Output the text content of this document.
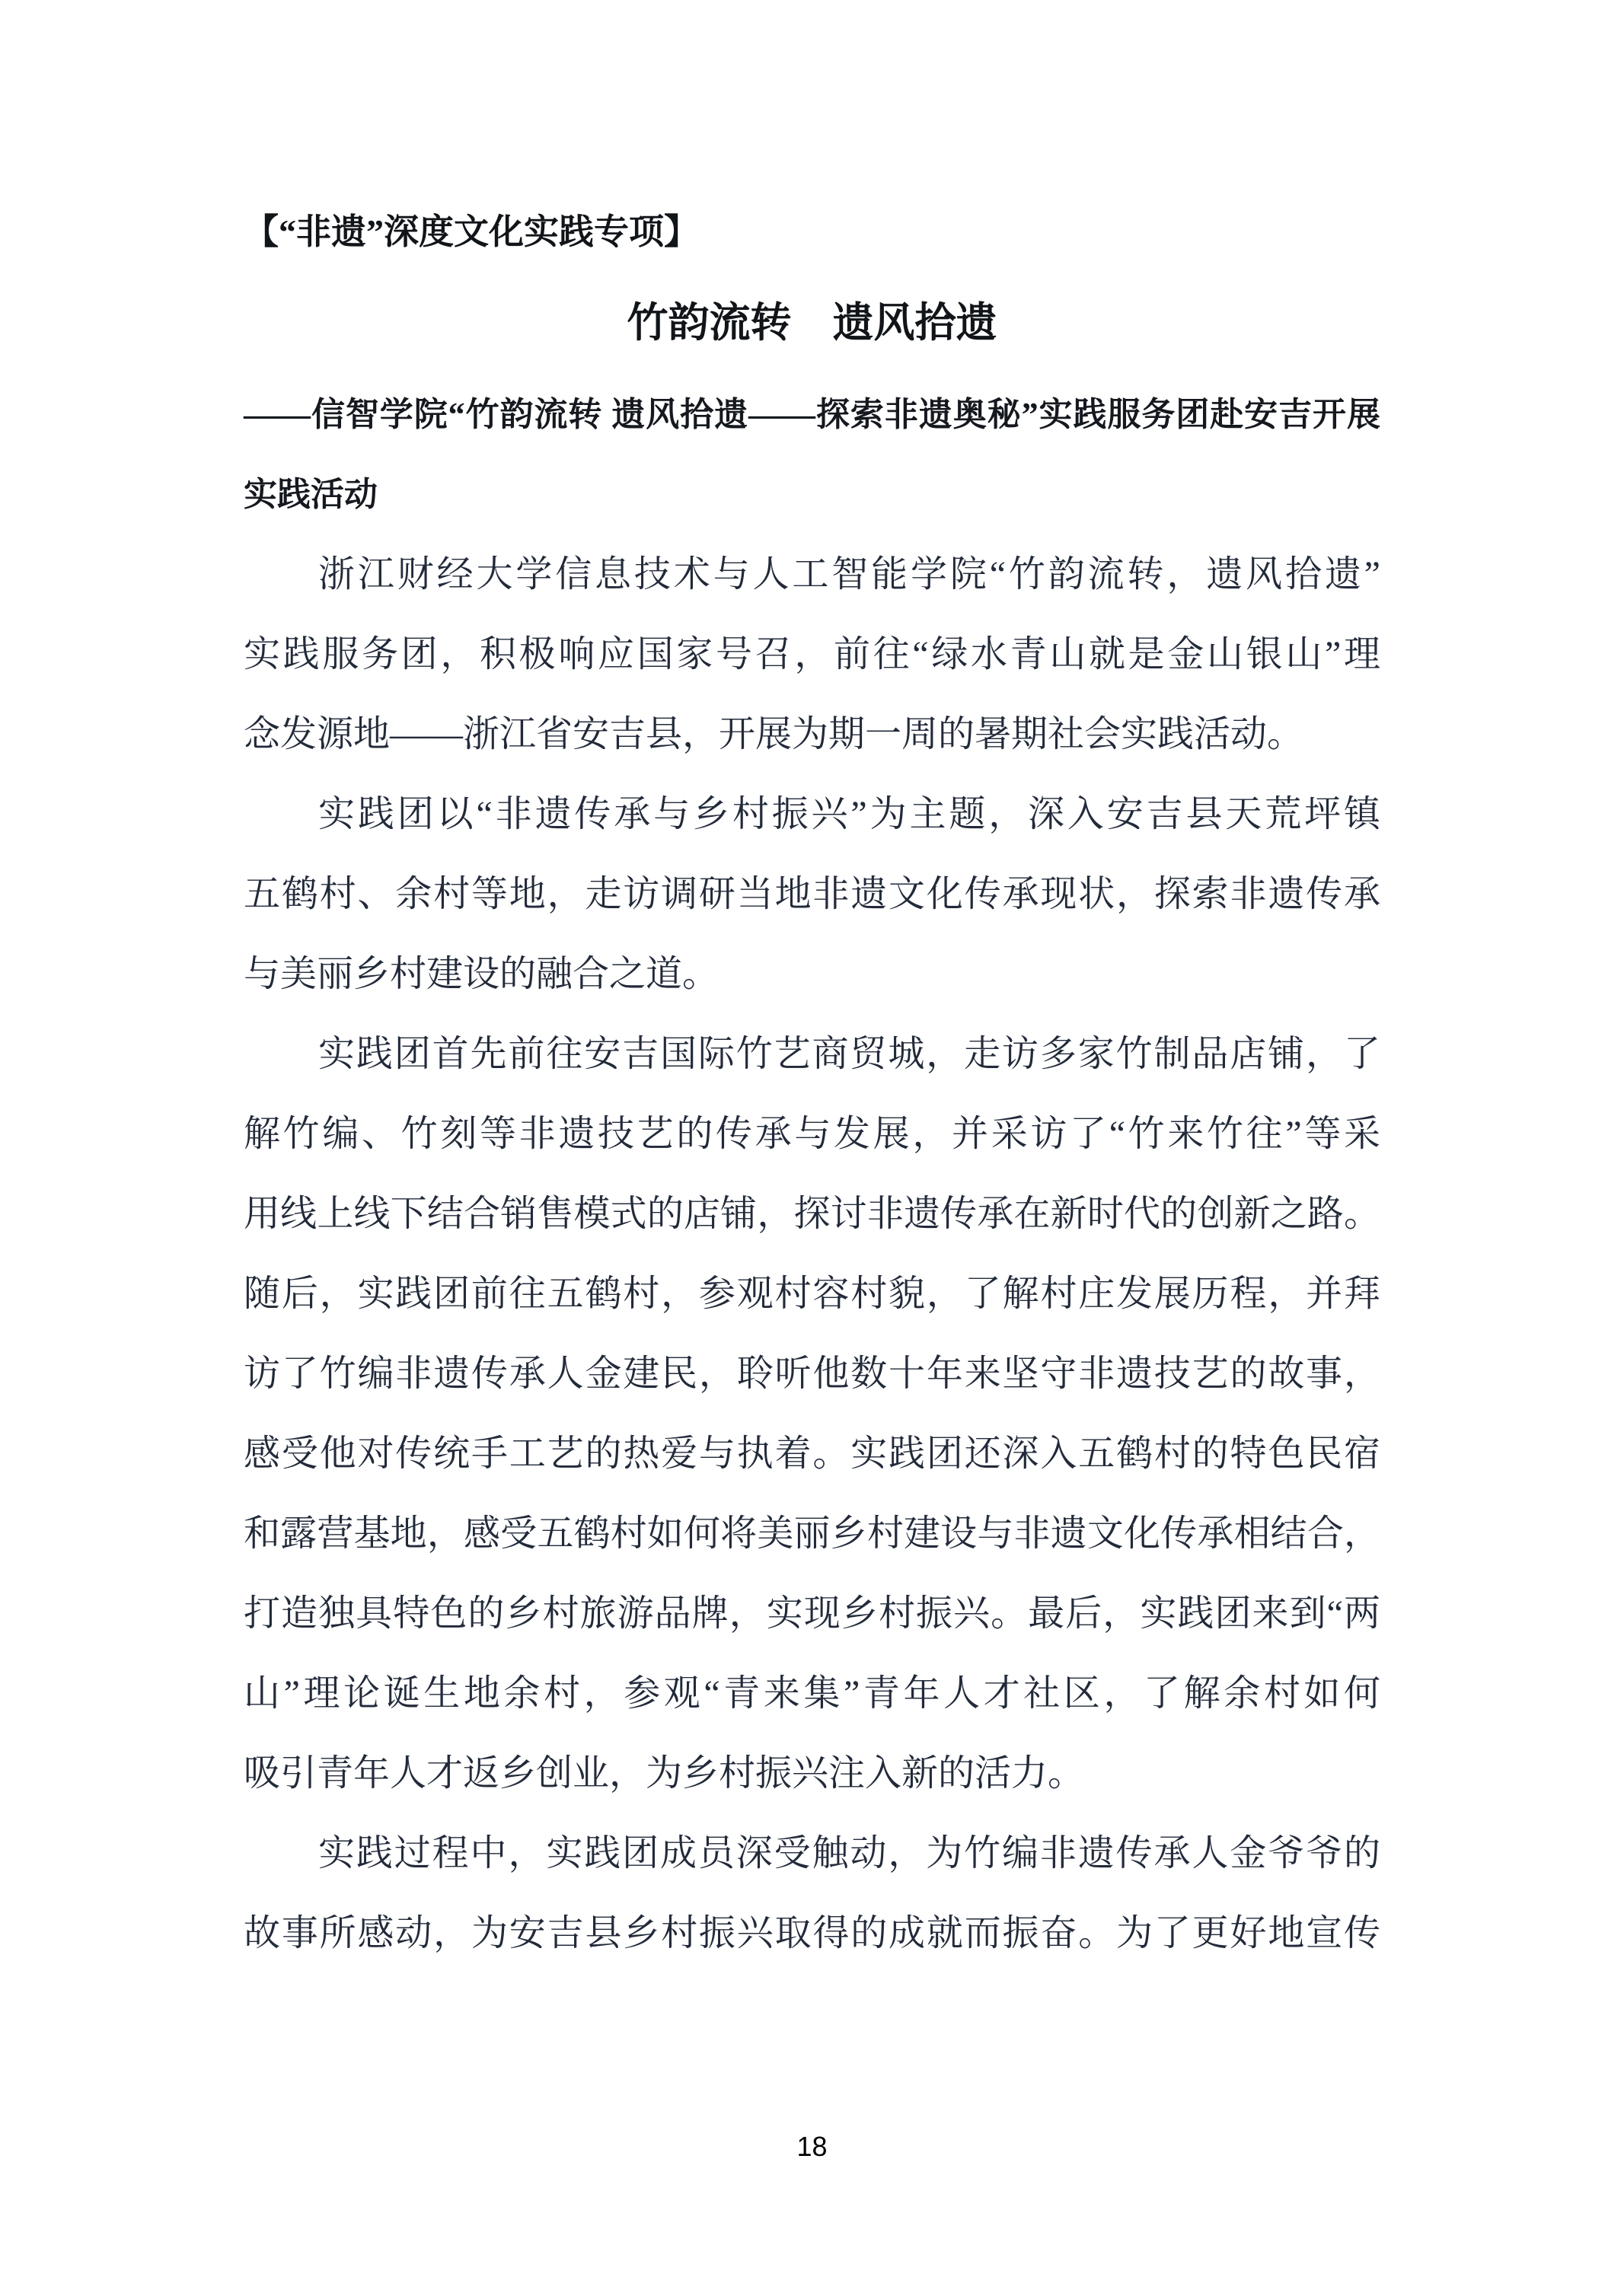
【“非遗”深度文化实践专项】
竹韵流转　遗风拾遗
——信智学院“竹韵流转 遗风拾遗——探索非遗奥秘”实践服务团赴安吉开展
实践活动
浙江财经大学信息技术与人工智能学院“竹韵流转，遗风拾遗”
实践服务团，积极响应国家号召，前往“绿水青山就是金山银山”理
念发源地——浙江省安吉县，开展为期一周的暑期社会实践活动。
实践团以“非遗传承与乡村振兴”为主题，深入安吉县天荒坪镇
五鹤村、余村等地，走访调研当地非遗文化传承现状，探索非遗传承
与美丽乡村建设的融合之道。
实践团首先前往安吉国际竹艺商贸城，走访多家竹制品店铺，了
解竹编、竹刻等非遗技艺的传承与发展，并采访了“竹来竹往”等采
用线上线下结合销售模式的店铺，探讨非遗传承在新时代的创新之路。
随后，实践团前往五鹤村，参观村容村貌，了解村庄发展历程，并拜
访了竹编非遗传承人金建民，聆听他数十年来坚守非遗技艺的故事，
感受他对传统手工艺的热爱与执着。实践团还深入五鹤村的特色民宿
和露营基地，感受五鹤村如何将美丽乡村建设与非遗文化传承相结合，
打造独具特色的乡村旅游品牌，实现乡村振兴。最后，实践团来到“两
山”理论诞生地余村，参观“青来集”青年人才社区，了解余村如何
吸引青年人才返乡创业，为乡村振兴注入新的活力。
实践过程中，实践团成员深受触动，为竹编非遗传承人金爷爷的
故事所感动，为安吉县乡村振兴取得的成就而振奋。为了更好地宣传
18
